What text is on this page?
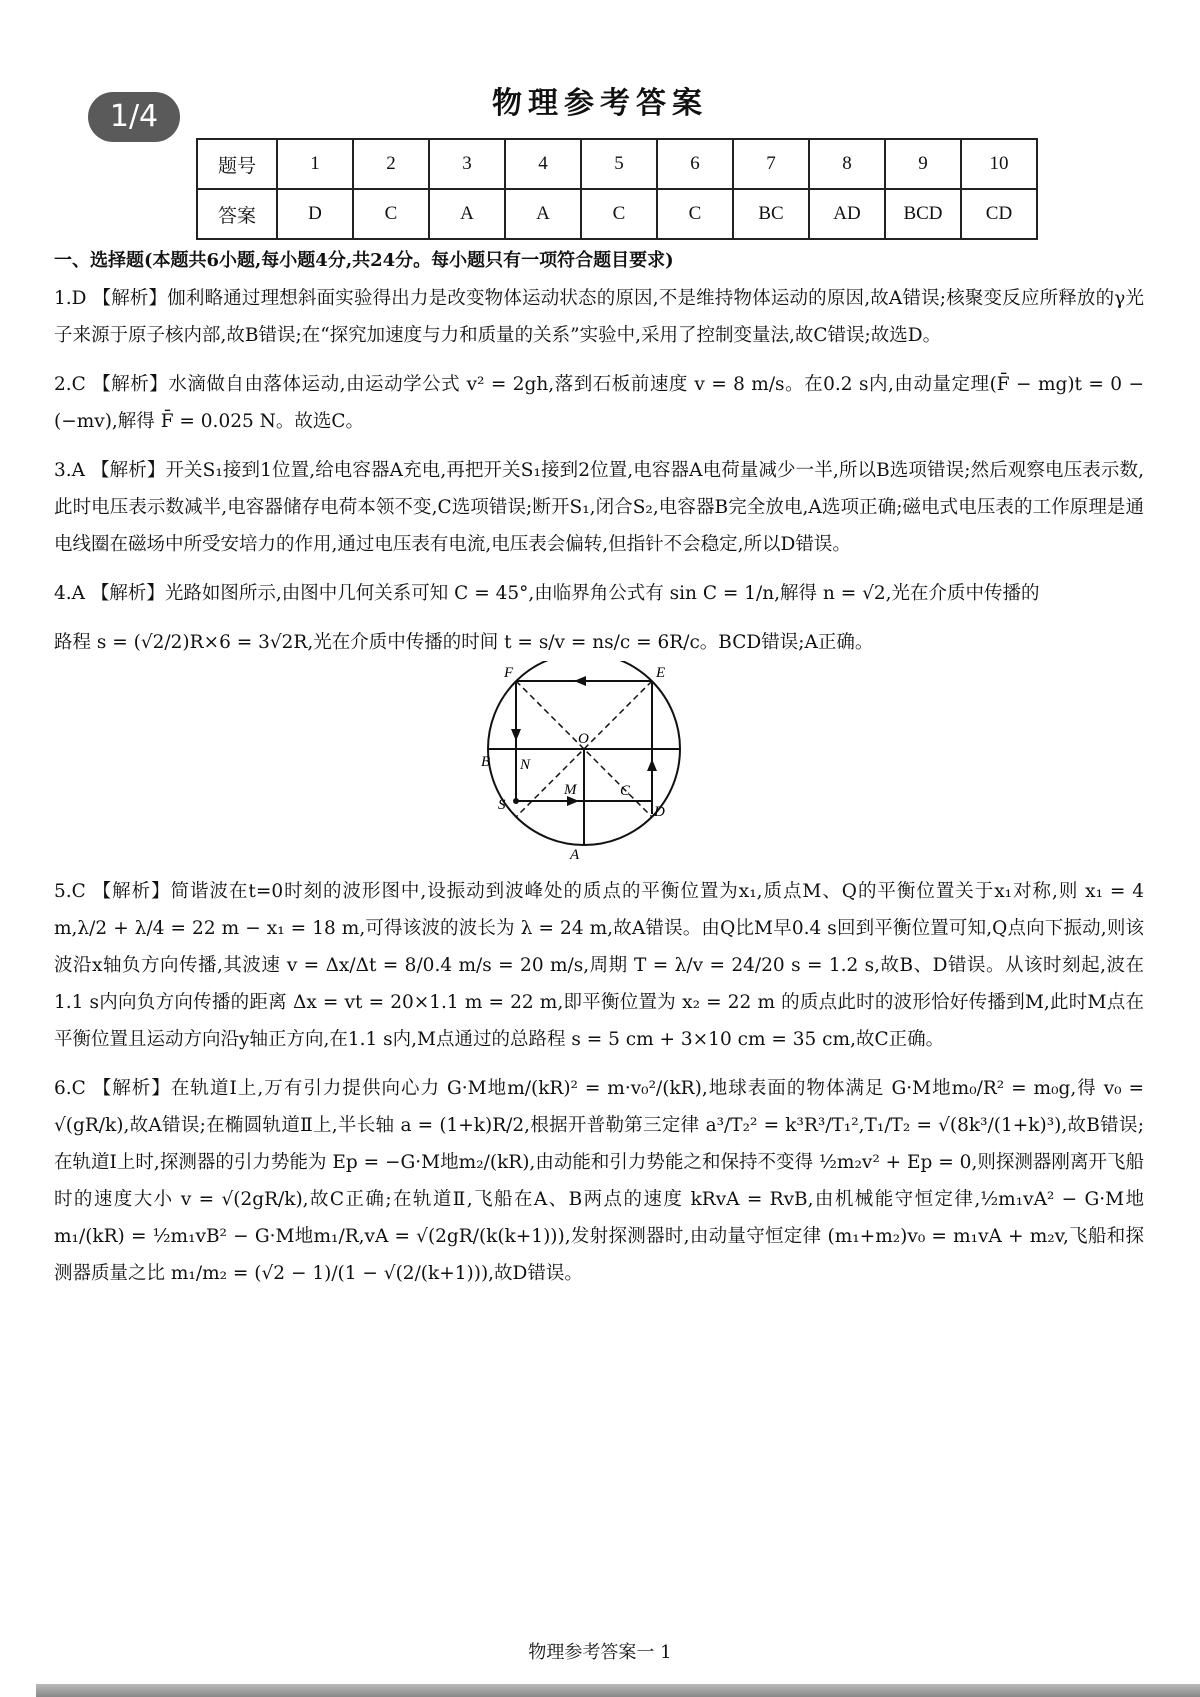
1/4	物理参考答案
题号	1	2	3	4	5	6	7	8	9	10
答案	D	C	A	A	C	C	BC	AD	BCD	CD
一、选择题(本题共6小题,每小题4分,共24分。每小题只有一项符合题目要求)

1.D 【解析】伽利略通过理想斜面实验得出力是改变物体运动状态的原因,不是维持物体运动的原因,故A错误;核聚变反应所释放的γ光子来源于原子核内部,故B错误;在“探究加速度与力和质量的关系”实验中,采用了控制变量法,故C错误;故选D。

2.C 【解析】水滴做自由落体运动,由运动学公式 v² = 2gh,落到石板前速度 v = 8 m/s。在0.2 s内,由动量定理(F̄ − mg)t = 0 − (−mv),解得 F̄ = 0.025 N。故选C。

3.A 【解析】开关S₁接到1位置,给电容器A充电,再把开关S₁接到2位置,电容器A电荷量减少一半,所以B选项错误;然后观察电压表示数,此时电压表示数减半,电容器储存电荷本领不变,C选项错误;断开S₁,闭合S₂,电容器B完全放电,A选项正确;磁电式电压表的工作原理是通电线圈在磁场中所受安培力的作用,通过电压表有电流,电压表会偏转,但指针不会稳定,所以D错误。

4.A 【解析】光路如图所示,由图中几何关系可知 C = 45°,由临界角公式有 sin C = 1/n,解得 n = √2,光在介质中传播的

路程 s = (√2/2)R×6 = 3√2R,光在介质中传播的时间 t = s/v = ns/c = 6R/c。BCD错误;A正确。

F	E
O
B N
S
M	C
D
A

5.C 【解析】简谐波在t=0时刻的波形图中,设振动到波峰处的质点的平衡位置为x₁,质点M、Q的平衡位置关于x₁对称,则 x₁ = 4 m,λ/2 + λ/4 = 22 m − x₁ = 18 m,可得该波的波长为 λ = 24 m,故A错误。由Q比M早0.4 s回到平衡位置可知,Q点向下振动,则该波沿x轴负方向传播,其波速 v = Δx/Δt = 8/0.4 m/s = 20 m/s,周期 T = λ/v = 24/20 s = 1.2 s,故B、D错误。从该时刻起,波在1.1 s内向负方向传播的距离 Δx = vt = 20×1.1 m = 22 m,即平衡位置为 x₂ = 22 m 的质点此时的波形恰好传播到M,此时M点在平衡位置且运动方向沿y轴正方向,在1.1 s内,M点通过的总路程 s = 5 cm + 3×10 cm = 35 cm,故C正确。

6.C 【解析】在轨道Ⅰ上,万有引力提供向心力 G·M地m/(kR)² = m·v₀²/(kR),地球表面的物体满足 G·M地m₀/R² = m₀g,得 v₀ = √(gR/k),故A错误;在椭圆轨道Ⅱ上,半长轴 a = (1+k)R/2,根据开普勒第三定律 a³/T₂² = k³R³/T₁²,T₁/T₂ = √(8k³/(1+k)³),故B错误;在轨道Ⅰ上时,探测器的引力势能为 Ep = −G·M地m₂/(kR),由动能和引力势能之和保持不变得 ½m₂v² + Ep = 0,则探测器刚离开飞船时的速度大小 v = √(2gR/k),故C正确;在轨道Ⅱ,飞船在A、B两点的速度 kRvA = RvB,由机械能守恒定律,½m₁vA² − G·M地m₁/(kR) = ½m₁vB² − G·M地m₁/R,vA = √(2gR/(k(k+1))),发射探测器时,由动量守恒定律 (m₁+m₂)v₀ = m₁vA + m₂v,飞船和探测器质量之比 m₁/m₂ = (√2 − 1)/(1 − √(2/(k+1))),故D错误。

物理参考答案一 1
